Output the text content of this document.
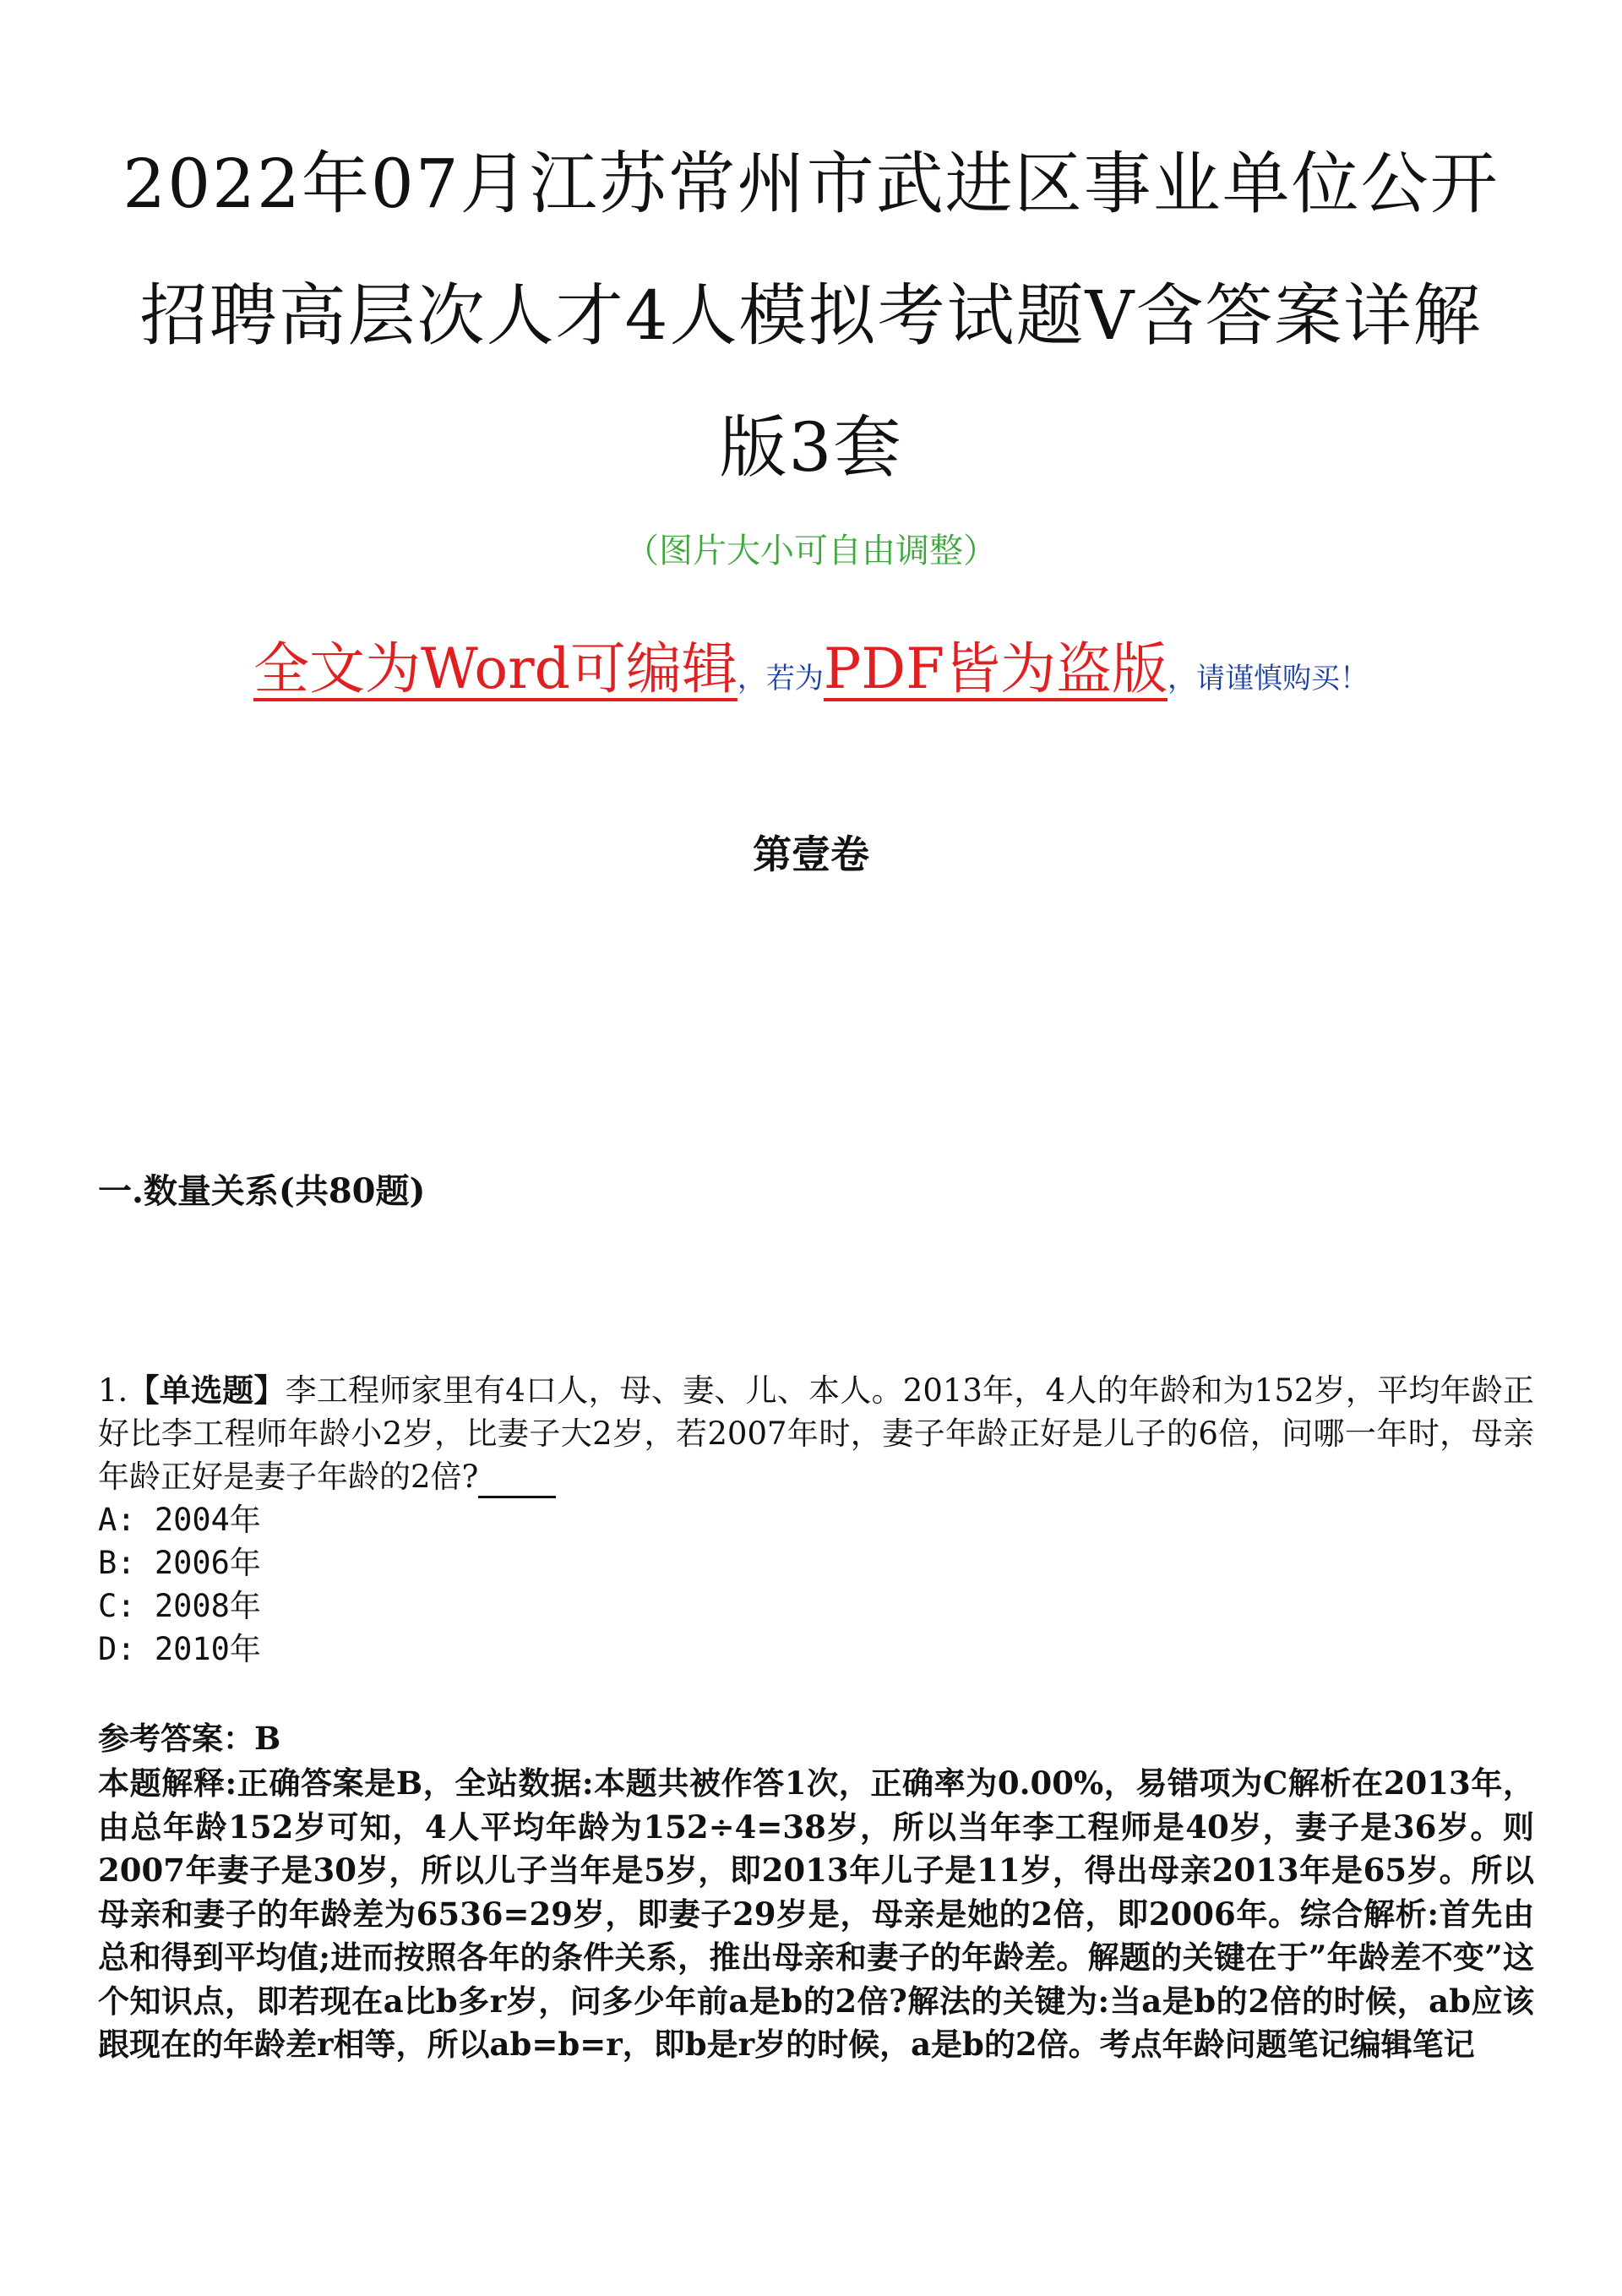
2022年07月江苏常州市武进区事业单位公开
招聘高层次人才4人模拟考试题V含答案详解
版3套
（图片大小可自由调整）
全文为Word可编辑，若为PDF皆为盗版，请谨慎购买！
第壹卷
一.数量关系(共80题)
1.【单选题】李工程师家里有4口人，母、妻、儿、本人。2013年，4人的年龄和为152岁，平均年龄正好比李工程师年龄小2岁，比妻子大2岁，若2007年时，妻子年龄正好是儿子的6倍，问哪一年时，母亲年龄正好是妻子年龄的2倍?
A: 2004年
B: 2006年
C: 2008年
D: 2010年
参考答案：B
本题解释:正确答案是B，全站数据:本题共被作答1次，正确率为0.00%，易错项为C解析在2013年，由总年龄152岁可知，4人平均年龄为152÷4=38岁，所以当年李工程师是40岁，妻子是36岁。则2007年妻子是30岁，所以儿子当年是5岁，即2013年儿子是11岁，得出母亲2013年是65岁。所以母亲和妻子的年龄差为6536=29岁，即妻子29岁是，母亲是她的2倍，即2006年。综合解析:首先由总和得到平均值;进而按照各年的条件关系，推出母亲和妻子的年龄差。解题的关键在于”年龄差不变”这个知识点，即若现在a比b多r岁，问多少年前a是b的2倍?解法的关键为:当a是b的2倍的时候，ab应该跟现在的年龄差r相等，所以ab=b=r，即b是r岁的时候，a是b的2倍。考点年龄问题笔记编辑笔记
